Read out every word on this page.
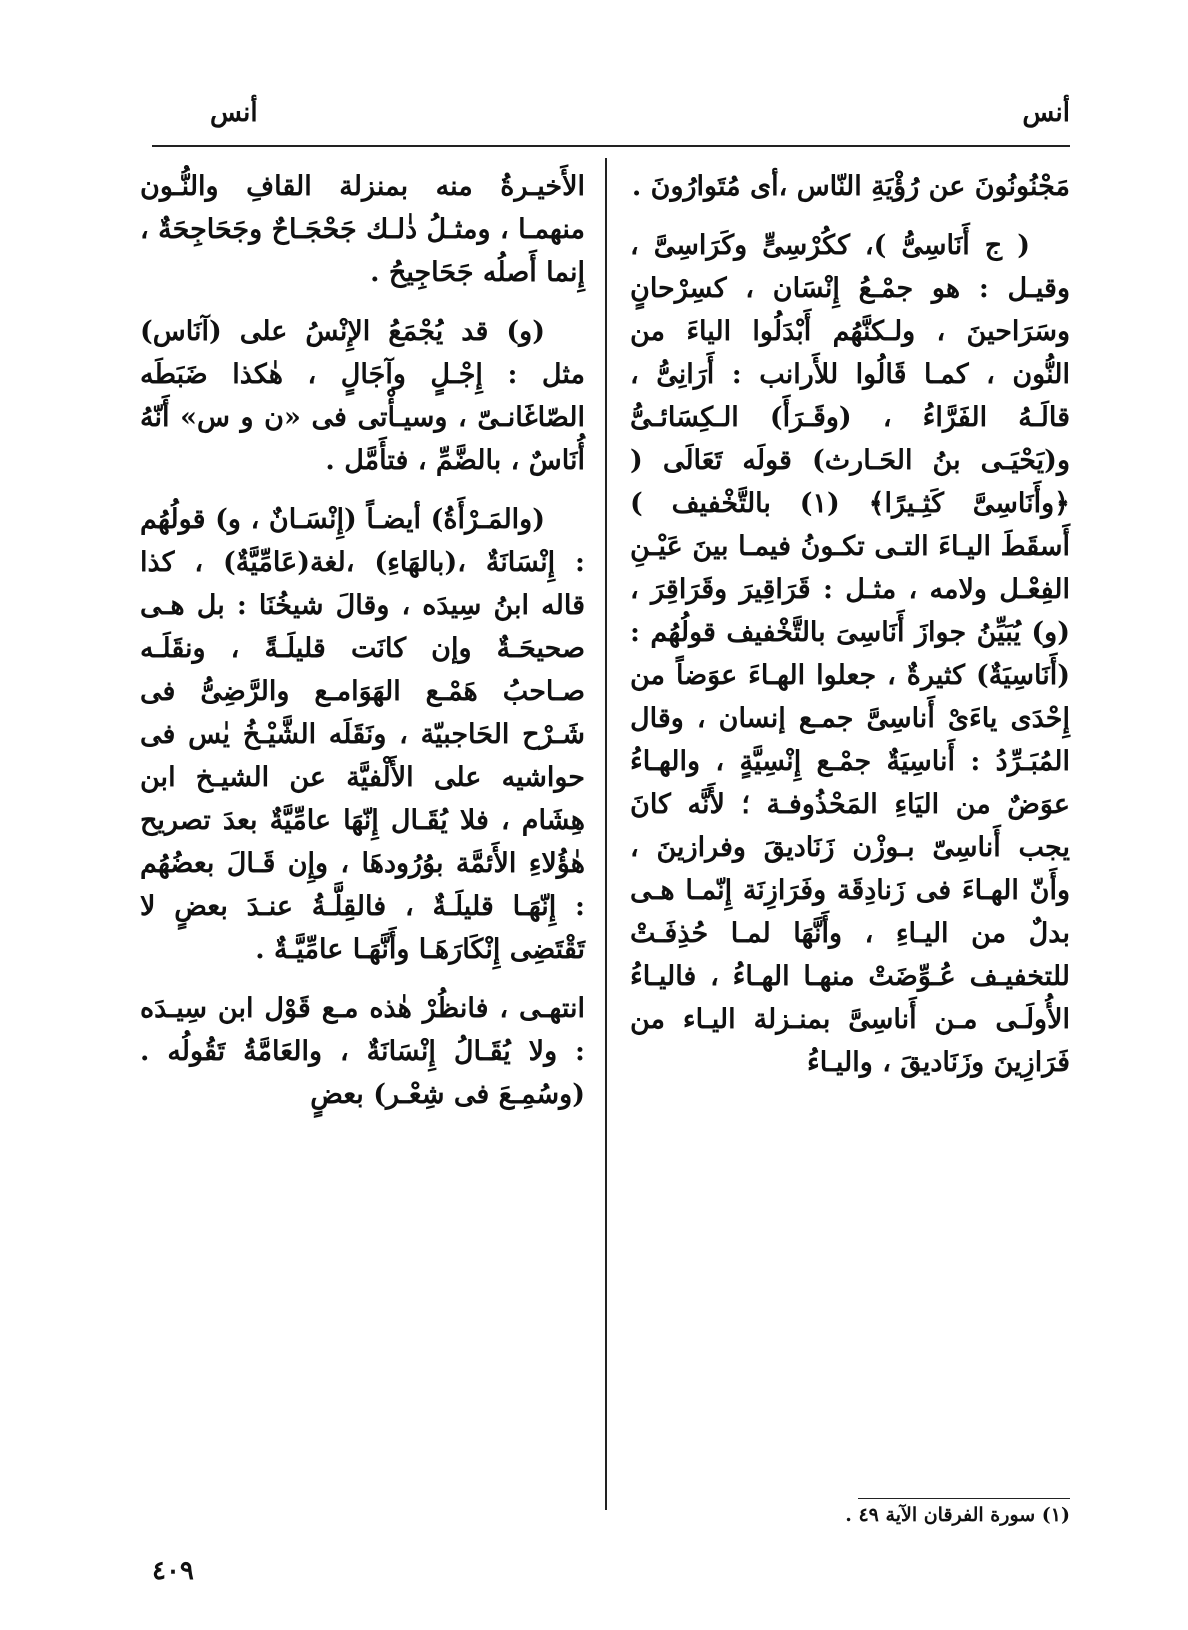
أنس
أنس

مَجْنُونُونَ عن رُؤْيَةِ النّاس ،أى مُتَوارُونَ .

( ج أَنَاسِىُّ )، ككُرْسِىٍّ وكَرَاسِىَّ ، وقيـل : هو جمْـعُ إِنْسَان ، كسِرْحانٍ وسَرَاحينَ ، ولـكنَّهُم أَبْدَلُوا الياءَ من النُّون ، كمـا قَالُوا للأَرانب : أَرَانِىُّ ، قالَـهُ الفَرَّاءُ ، (وقَـرَأَ) الـكِسَائـىُّ و(يَحْيَـى بنُ الحَـارث) قولَه تَعَالَى ( ﴿وأَنَاسِىَّ كَثِـيرًا﴾ (١) بالتَّخْفيف ) أَسقَطَ اليـاءَ التـى تكـونُ فيمـا بينَ عَيْـنِ الفِعْـل ولامه ، مثـل : قَرَاقِيرَ وقَرَاقِرَ ،(و) يُبَيِّنُ جوازَ أَنَاسِىَ بالتَّخْفيف قولُهُم : (أَنَاسِيَةٌ) كثيرةٌ ، جعلوا الهـاءَ عوَضاً من إِحْدَى ياءَىْ أَناسِىَّ جمـع إنسان ، وقال المُبَـرِّدُ : أَناسِيَةٌ جمْـع إِنْسِيَّةٍ ، والهـاءُ عوَضٌ من اليَاءِ المَحْذُوفـة ؛ لأَنَّه كانَ يجب أَناسِىّ بـوزْن زَنَاديقَ وفرازينَ ، وأَنّ الهـاءَ فى زَنادِقَة وفَرَازِنَة إِنّمـا هـى بدلٌ من اليـاءِ ، وأَنَّهَا لمـا حُذِفَـتْ للتخفيـف عُـوِّضَتْ منهـا الهـاءُ ، فاليـاءُ الأُولَـى مـن أَناسِىَّ بمنـزلة اليـاء من فَرَازِينَ وزَنَاديقَ ، واليـاءُ

الأَخيـرةُ منه بمنزلة القافِ والنُّـون منهمـا ، ومثـلُ ذٰلـك جَحْجَـاحٌ وجَحَاجِحَةٌ ، إِنما أَصلُه جَحَاجِيحُ .

(و) قد يُجْمَعُ الإِنْسُ على (آنَاس) مثل : إِجْـلٍ وآجَالٍ ، هٰكذا ضَبَطَه الصّاغَانـىّ ، وسيـأْتى فى «ن و س» أَنّهُ أُنَاسٌ ، بالضَّمِّ ، فتأَمَّل .

(والمَـرْأَةُ) أيضـاً (إِنْسَـانٌ ، و) قولُهُم : إِنْسَانَةٌ ،(بالهَاءِ) ،لغة(عَامِّيَّةٌ) ، كذا قاله ابنُ سِيدَه ، وقالَ شيخُنَا : بل هـى صحيحَـةٌ وإن كانَت قليلَـةً ، ونقَلَـه صـاحبُ هَمْـع الهَوَامـع والرَّضِىُّ فى شَـرْح الحَاجبيّة ، ونَقَلَه الشَّيْـخُ يٰس فى حواشيه على الأَلْفيَّة عن الشيـخ ابن هِشَام ، فلا يُقَـال إِنّهَا عامِّيَّةٌ بعدَ تصريح هٰؤُلاءِ الأَئمَّة بوُرُودهَا ، وإِن قَـالَ بعضُهُم : إِنّهَـا قليلَـةٌ ، فالقِلَّـةُ عنـدَ بعضٍ لا تَقْتَضِى إِنْكَارَهَـا وأَنَّهَـا عامِّيَّـةٌ .

انتهـى ، فانظُرْ هٰذه مـع قَوْل ابن سِيـدَه : ولا يُقَـالُ إِنْسَانَةٌ ، والعَامَّةُ تَقُولُه . (وسُمِـعَ فى شِعْـر) بعضٍ

(١) سورة الفرقان الآية ٤٩ .
٤٠٩
